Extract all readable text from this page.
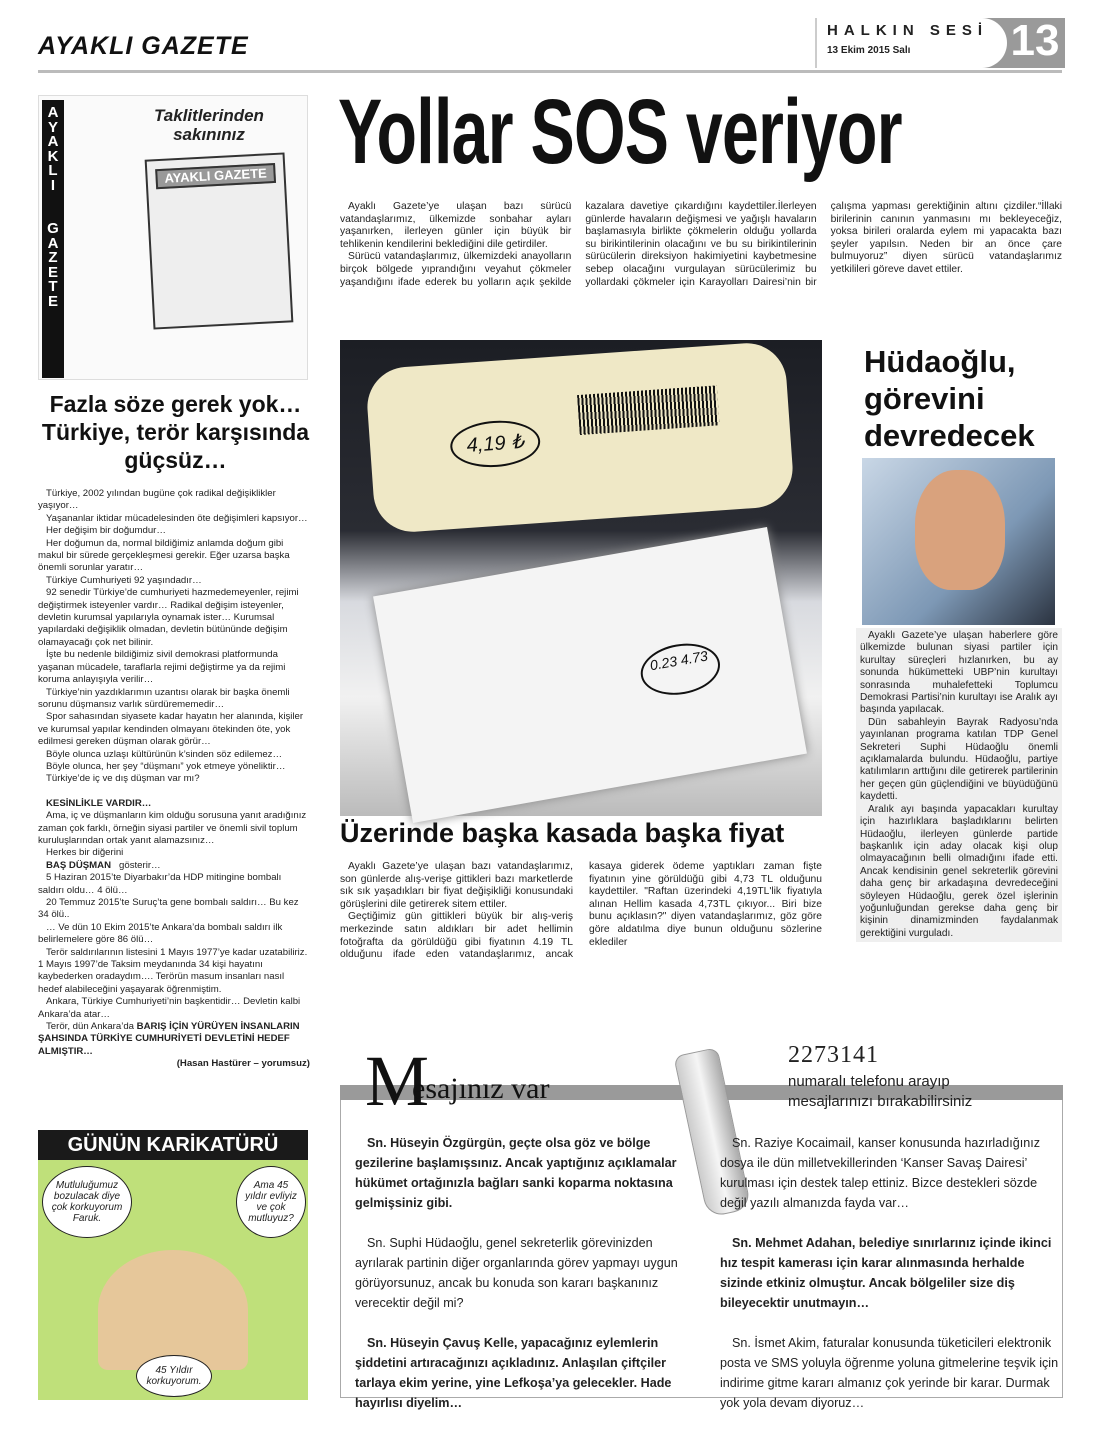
AYAKLI GAZETE
HALKIN SESİ
13 Ekim 2015 Salı	13
Taklitlerinden sakınınız
AYAKLI GAZETE
A
Y
A
K
L
I

G
A
Z
E
T
E
Fazla söze gerek yok… Türkiye, terör karşısında güçsüz…

Türkiye, 2002 yılından bugüne çok radikal değişiklikler yaşıyor…

Yaşananlar iktidar mücadelesinden öte değişimleri kapsıyor…

Her değişim bir doğumdur…

Her doğumun da, normal bildiğimiz anlamda doğum gibi makul bir sürede gerçekleşmesi gerekir. Eğer uzarsa başka önemli sorunlar yaratır…

Türkiye Cumhuriyeti 92 yaşındadır…

92 senedir Türkiye’de cumhuriyeti hazmedemeyenler, rejimi değiştirmek isteyenler vardır… Radikal değişim isteyenler, devletin kurumsal yapılarıyla oynamak ister… Kurumsal yapılardaki değişiklik olmadan, devletin bütününde değişim olamayacağı çok net bilinir.

İşte bu nedenle bildiğimiz sivil demokrasi platformunda yaşanan mücadele, taraflarla rejimi değiştirme ya da rejimi koruma anlayışıyla verilir…

Türkiye’nin yazdıklarımın uzantısı olarak bir başka önemli sorunu düşmansız varlık sürdürememedir…

Spor sahasından siyasete kadar hayatın her alanında, kişiler ve kurumsal yapılar kendinden olmayanı ötekinden öte, yok edilmesi gereken düşman olarak görür…

Böyle olunca uzlaşı kültürünün k’sinden söz edilemez…

Böyle olunca, her şey “düşmanı” yok etmeye yöneliktir…

Türkiye’de iç ve dış düşman var mı?

KESİNLİKLE VARDIR…

Ama, iç ve düşmanların kim olduğu sorusuna yanıt aradığınız zaman çok farklı, örneğin siyasi partiler ve önemli sivil toplum kuruluşlarından ortak yanıt alamazsınız…

Herkes bir diğerini

BAŞ DÜŞMAN gösterir…

5 Haziran 2015’te Diyarbakır’da HDP mitingine bombalı saldırı oldu… 4 ölü…

20 Temmuz 2015’te Suruç’ta gene bombalı saldırı… Bu kez 34 ölü..

… Ve dün 10 Ekim 2015’te Ankara’da bombalı saldırı ilk belirlemelere göre 86 ölü…

Terör saldırılarının listesini 1 Mayıs 1977’ye kadar uzatabiliriz. 1 Mayıs 1997’de Taksim meydanında 34 kişi hayatını kaybederken oradaydım…. Terörün masum insanları nasıl hedef alabileceğini yaşayarak öğrenmiştim.

Ankara, Türkiye Cumhuriyeti’nin başkentidir… Devletin kalbi Ankara’da atar…

Terör, dün Ankara’da BARIŞ İÇİN YÜRÜYEN İNSANLARIN ŞAHSINDA TÜRKİYE CUMHURİYETİ DEVLETİNİ HEDEF ALMIŞTIR…

(Hasan Hastürer – yorumsuz)

GÜNÜN KARİKATÜRÜ
Mutluluğumuz bozulacak diye çok korkuyorum Faruk.
Ama 45 yıldır evliyiz ve çok mutluyuz?
45 Yıldır korkuyorum.
Yollar SOS veriyor

Ayaklı Gazete’ye ulaşan bazı sürücü vatandaşlarımız, ülkemizde sonbahar ayları yaşanırken, ilerleyen günler için büyük bir tehlikenin kendilerini beklediğini dile getirdiler.

Sürücü vatandaşlarımız, ülkemizdeki anayolların birçok bölgede yıprandığını veyahut çökmeler yaşandığını ifade ederek bu yolların açık şekilde kazalara davetiye çıkardığını kaydettiler.İlerleyen günlerde havaların değişmesi ve yağışlı havaların başlamasıyla birlikte çökmelerin olduğu yollarda su birikintilerinin olacağını ve bu su birikintilerinin sürücülerin direksiyon hakimiyetini kaybetmesine sebep olacağını vurgulayan sürücülerimiz bu yollardaki çökmeler için Karayolları Dairesi’nin bir çalışma yapması gerektiğinin altını çizdiler.“İllaki birilerinin canının yanmasını mı bekleyeceğiz, yoksa birileri oralarda eylem mi yapacakta bazı şeyler yapılsın. Neden bir an önce çare bulmuyoruz” diyen sürücü vatandaşlarımız yetkilileri göreve davet ettiler.

4,19 ₺
0.23 4.73
Üzerinde başka kasada başka fiyat

Ayaklı Gazete’ye ulaşan bazı vatandaşlarımız, son günlerde alış-verişe gittikleri bazı marketlerde sık sık yaşadıkları bir fiyat değişikliği konusundaki görüşlerini dile getirerek sitem ettiler.

Geçtiğimiz gün gittikleri büyük bir alış-veriş merkezinde satın aldıkları bir adet hellimin fotoğrafta da görüldüğü gibi fiyatının 4.19 TL olduğunu ifade eden vatandaşlarımız, ancak kasaya giderek ödeme yaptıkları zaman fişte fiyatının yine görüldüğü gibi 4,73 TL olduğunu kaydettiler. "Raftan üzerindeki 4,19TL'lik fiyatıyla alınan Hellim kasada 4,73TL çıkıyor... Biri bize bunu açıklasın?" diyen vatandaşlarımız, göz göre göre aldatılma diye bunun olduğunu sözlerine eklediler

Hüdaoğlu, görevini devredecek

Ayaklı Gazete’ye ulaşan haberlere göre ülkemizde bulunan siyasi partiler için kurultay süreçleri hızlanırken, bu ay sonunda hükümetteki UBP’nin kurultayı sonrasında muhalefetteki Toplumcu Demokrasi Partisi’nin kurultayı ise Aralık ayı başında yapılacak.

Dün sabahleyin Bayrak Radyosu’nda yayınlanan programa katılan TDP Genel Sekreteri Suphi Hüdaoğlu önemli açıklamalarda bulundu. Hüdaoğlu, partiye katılımların arttığını dile getirerek partilerinin her geçen gün güçlendiğini ve büyüdüğünü kaydetti.

Aralık ayı başında yapacakları kurultay için hazırlıklara başladıklarını belirten Hüdaoğlu, ilerleyen günlerde partide başkanlık için aday olacak kişi olup olmayacağının belli olmadığını ifade etti. Ancak kendisinin genel sekreterlik görevini daha genç bir arkadaşına devredeceğini söyleyen Hüdaoğlu, gerek özel işlerinin yoğunluğundan gerekse daha genç bir kişinin dinamizminden faydalanmak gerektiğini vurguladı.

M
esajınız var
2273141
numaralı telefonu arayıp
mesajlarınızı bırakabilirsiniz

Sn. Hüseyin Özgürgün, geçte olsa göz ve bölge gezilerine başlamışsınız. Ancak yaptığınız açıklamalar hükümet ortağınızla bağları sanki koparma noktasına gelmişsiniz gibi.

Sn. Suphi Hüdaoğlu, genel sekreterlik görevinizden ayrılarak partinin diğer organlarında görev yapmayı uygun görüyorsunuz, ancak bu konuda son kararı başkanınız verecektir değil mi?

Sn. Hüseyin Çavuş Kelle, yapacağınız eylemlerin şiddetini artıracağınızı açıkladınız. Anlaşılan çiftçiler tarlaya ekim yerine, yine Lefkoşa’ya gelecekler. Hade hayırlısı diyelim…

Sn. Raziye Kocaimail, kanser konusunda hazırladığınız dosya ile dün milletvekillerinden ‘Kanser Savaş Dairesi’ kurulması için destek talep ettiniz. Bizce destekleri sözde değil yazılı almanızda fayda var…

Sn. Mehmet Adahan, belediye sınırlarınız içinde ikinci hız tespit kamerası için karar alınmasında herhalde sizinde etkiniz olmuştur. Ancak bölgeliler size diş bileyecektir unutmayın…

Sn. İsmet Akim, faturalar konusunda tüketicileri elektronik posta ve SMS yoluyla öğrenme yoluna gitmelerine teşvik için indirime gitme kararı almanız çok yerinde bir karar. Durmak yok yola devam diyoruz…
